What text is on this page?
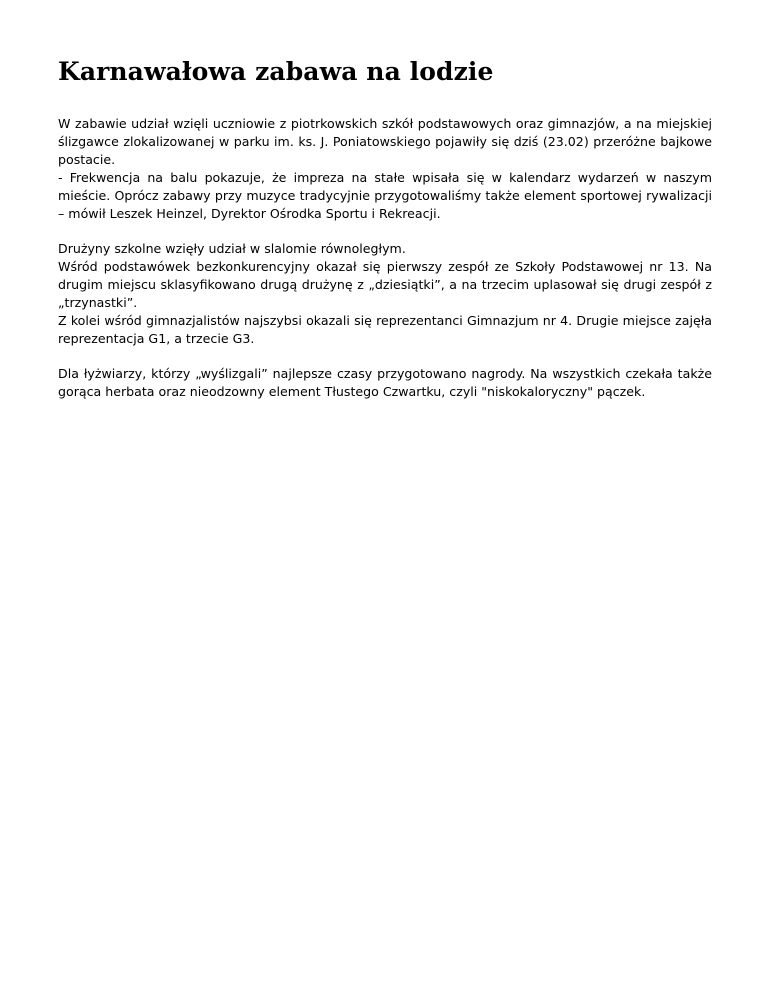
Karnawałowa zabawa na lodzie
W zabawie udział wzięli uczniowie z piotrkowskich szkół podstawowych oraz gimnazjów, a na miejskiej ślizgawce zlokalizowanej w parku im. ks. J. Poniatowskiego pojawiły się dziś (23.02) przeróżne bajkowe postacie.
- Frekwencja na balu pokazuje, że impreza na stałe wpisała się w kalendarz wydarzeń w naszym mieście. Oprócz zabawy przy muzyce tradycyjnie przygotowaliśmy także element sportowej rywalizacji – mówił Leszek Heinzel, Dyrektor Ośrodka Sportu i Rekreacji.
Drużyny szkolne wzięły udział w slalomie równoległym.
Wśród podstawówek bezkonkurencyjny okazał się pierwszy zespół ze Szkoły Podstawowej nr 13. Na drugim miejscu sklasyfikowano drugą drużynę z „dziesiątki”, a na trzecim uplasował się drugi zespół z „trzynastki”.
Z kolei wśród gimnazjalistów najszybsi okazali się reprezentanci Gimnazjum nr 4. Drugie miejsce zajęła reprezentacja G1, a trzecie G3.
Dla łyżwiarzy, którzy „wyślizgali” najlepsze czasy przygotowano nagrody. Na wszystkich czekała także gorąca herbata oraz nieodzowny element Tłustego Czwartku, czyli "niskokaloryczny" pączek.
